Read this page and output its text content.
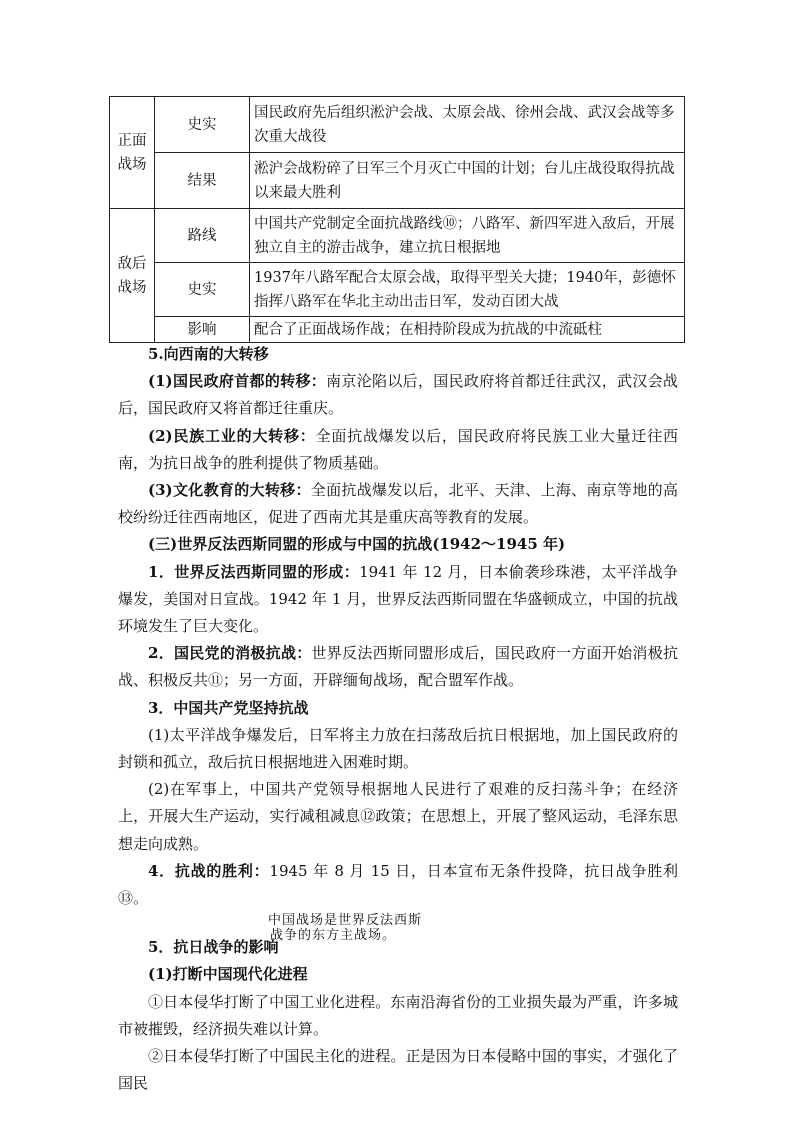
正面战场	史实	国民政府先后组织淞沪会战、太原会战、徐州会战、武汉会战等多次重大战役
	结果	淞沪会战粉碎了日军三个月灭亡中国的计划；台儿庄战役取得抗战以来最大胜利
敌后战场	路线	中国共产党制定全面抗战路线⑩；八路军、新四军进入敌后，开展独立自主的游击战争，建立抗日根据地
	史实	1937年八路军配合太原会战，取得平型关大捷；1940年，彭德怀指挥八路军在华北主动出击日军，发动百团大战
	影响	配合了正面战场作战；在相持阶段成为抗战的中流砥柱

5.向西南的大转移

(1)国民政府首都的转移：南京沦陷以后，国民政府将首都迁往武汉，武汉会战后，国民政府又将首都迁往重庆。

(2)民族工业的大转移：全面抗战爆发以后，国民政府将民族工业大量迁往西南，为抗日战争的胜利提供了物质基础。

(3)文化教育的大转移：全面抗战爆发以后，北平、天津、上海、南京等地的高校纷纷迁往西南地区，促进了西南尤其是重庆高等教育的发展。

(三)世界反法西斯同盟的形成与中国的抗战(1942～1945 年)

1．世界反法西斯同盟的形成：1941 年 12 月，日本偷袭珍珠港，太平洋战争爆发，美国对日宣战。1942 年 1 月，世界反法西斯同盟在华盛顿成立，中国的抗战环境发生了巨大变化。

2．国民党的消极抗战：世界反法西斯同盟形成后，国民政府一方面开始消极抗战、积极反共⑪；另一方面，开辟缅甸战场，配合盟军作战。

3．中国共产党坚持抗战

(1)太平洋战争爆发后，日军将主力放在扫荡敌后抗日根据地，加上国民政府的封锁和孤立，敌后抗日根据地进入困难时期。

(2)在军事上，中国共产党领导根据地人民进行了艰难的反扫荡斗争；在经济上，开展大生产运动，实行减租减息⑫政策；在思想上，开展了整风运动，毛泽东思想走向成熟。

4．抗战的胜利：1945 年 8 月 15 日，日本宣布无条件投降，抗日战争胜利⑬。

中国战场是世界反法西斯
战争的东方主战场。

5．抗日战争的影响

(1)打断中国现代化进程

①日本侵华打断了中国工业化进程。东南沿海省份的工业损失最为严重，许多城市被摧毁，经济损失难以计算。

②日本侵华打断了中国民主化的进程。正是因为日本侵略中国的事实，才强化了国民
